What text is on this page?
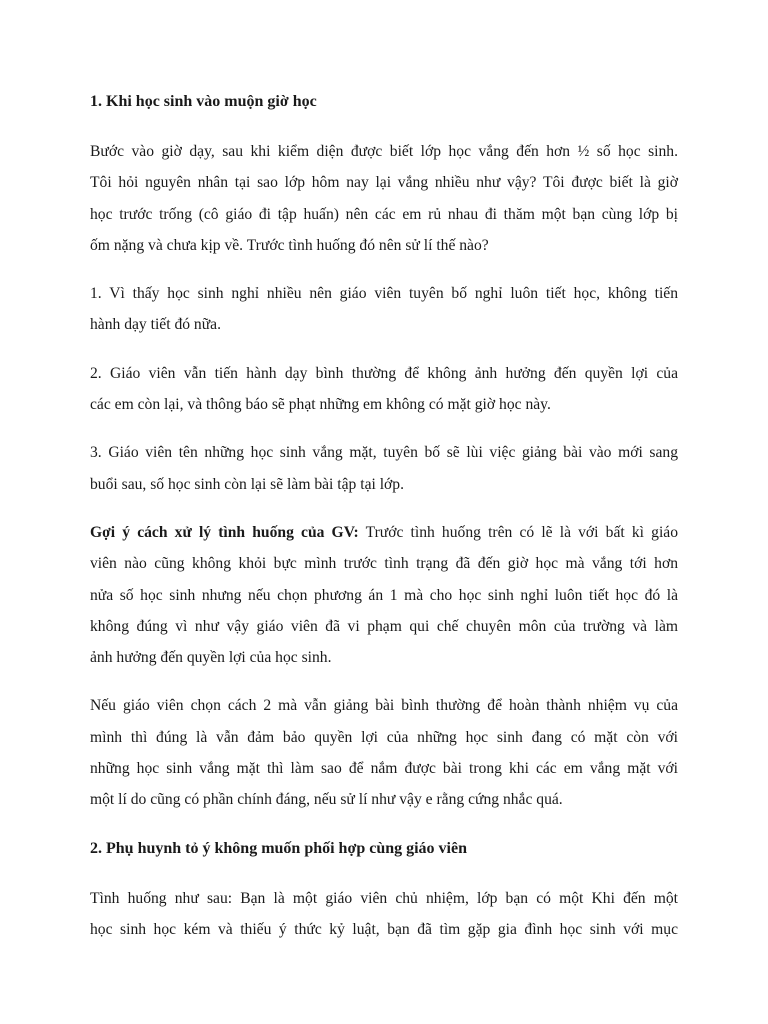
1. Khi học sinh vào muộn giờ học
Bước vào giờ dạy, sau khi kiểm diện được biết lớp học vắng đến hơn ½ số học sinh.
Tôi hỏi nguyên nhân tại sao lớp hôm nay lại vắng nhiều như vậy? Tôi được biết là giờ
học trước trống (cô giáo đi tập huấn) nên các em rủ nhau đi thăm một bạn cùng lớp bị
ốm nặng và chưa kịp về. Trước tình huống đó nên sử lí thế nào?
1. Vì thấy học sinh nghỉ nhiều nên giáo viên tuyên bố nghỉ luôn tiết học, không tiến
hành dạy tiết đó nữa.
2. Giáo viên vẫn tiến hành dạy bình thường để không ảnh hưởng đến quyền lợi của
các em còn lại, và thông báo sẽ phạt những em không có mặt giờ học này.
3. Giáo viên tên những học sinh vắng mặt, tuyên bố sẽ lùi việc giảng bài vào mới sang
buổi sau, số học sinh còn lại sẽ làm bài tập tại lớp.
Gợi ý cách xử lý tình huống của GV: Trước tình huống trên có lẽ là với bất kì giáo
viên nào cũng không khỏi bực mình trước tình trạng đã đến giờ học mà vắng tới hơn
nửa số học sinh nhưng nếu chọn phương án 1 mà cho học sinh nghỉ luôn tiết học đó là
không đúng vì như vậy giáo viên đã vi phạm qui chế chuyên môn của trường và làm
ảnh hưởng đến quyền lợi của học sinh.
Nếu giáo viên chọn cách 2 mà vẫn giảng bài bình thường để hoàn thành nhiệm vụ của
mình thì đúng là vẫn đảm bảo quyền lợi của những học sinh đang có mặt còn với
những học sinh vắng mặt thì làm sao để nắm được bài trong khi các em vắng mặt với
một lí do cũng có phần chính đáng, nếu sử lí như vậy e rằng cứng nhắc quá.
2. Phụ huynh tỏ ý không muốn phối hợp cùng giáo viên
Tình huống như sau: Bạn là một giáo viên chủ nhiệm, lớp bạn có một Khi đến một
học sinh học kém và thiếu ý thức kỷ luật, bạn đã tìm gặp gia đình học sinh với mục
